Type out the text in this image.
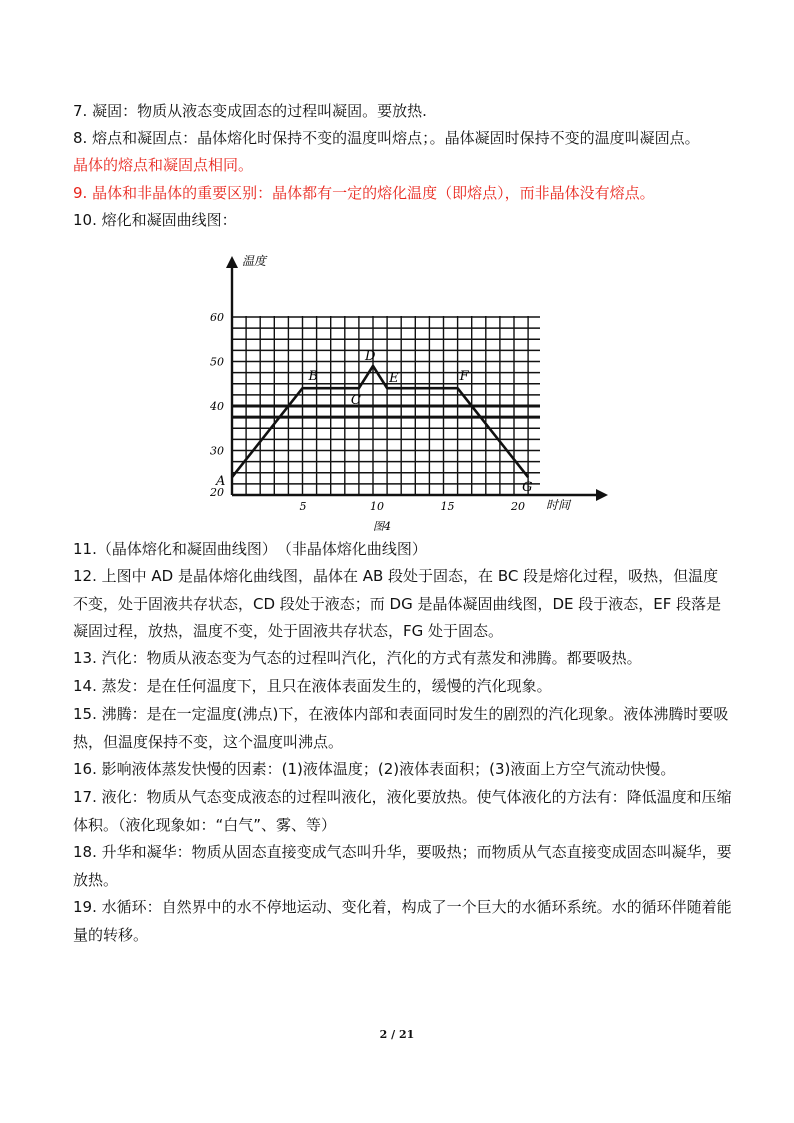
7. 凝固：物质从液态变成固态的过程叫凝固。要放热.

8. 熔点和凝固点：晶体熔化时保持不变的温度叫熔点；。晶体凝固时保持不变的温度叫凝固点。

晶体的熔点和凝固点相同。

9. 晶体和非晶体的重要区别：晶体都有一定的熔化温度（即熔点），而非晶体没有熔点。

10. 熔化和凝固曲线图：

5	10	15	20
20
30
40
50
60
A
B
C
D
E	F
G
温度
时间
图4

11.（晶体熔化和凝固曲线图）　（非晶体熔化曲线图）

12. 上图中 AD 是晶体熔化曲线图，晶体在 AB 段处于固态，在 BC 段是熔化过程，吸热，但温度不变，处于固液共存状态，CD 段处于液态；而 DG 是晶体凝固曲线图，DE 段于液态，EF 段落是凝固过程，放热，温度不变，处于固液共存状态，FG 处于固态。

13. 汽化：物质从液态变为气态的过程叫汽化，汽化的方式有蒸发和沸腾。都要吸热。

14. 蒸发：是在任何温度下，且只在液体表面发生的，缓慢的汽化现象。

15. 沸腾：是在一定温度(沸点)下，在液体内部和表面同时发生的剧烈的汽化现象。液体沸腾时要吸热，但温度保持不变，这个温度叫沸点。

16. 影响液体蒸发快慢的因素：(1)液体温度；(2)液体表面积；(3)液面上方空气流动快慢。

17. 液化：物质从气态变成液态的过程叫液化，液化要放热。使气体液化的方法有：降低温度和压缩体积。（液化现象如：“白气”、雾、等）

18. 升华和凝华：物质从固态直接变成气态叫升华，要吸热；而物质从气态直接变成固态叫凝华，要放热。

19. 水循环：自然界中的水不停地运动、变化着，构成了一个巨大的水循环系统。水的循环伴随着能量的转移。

2 / 21
